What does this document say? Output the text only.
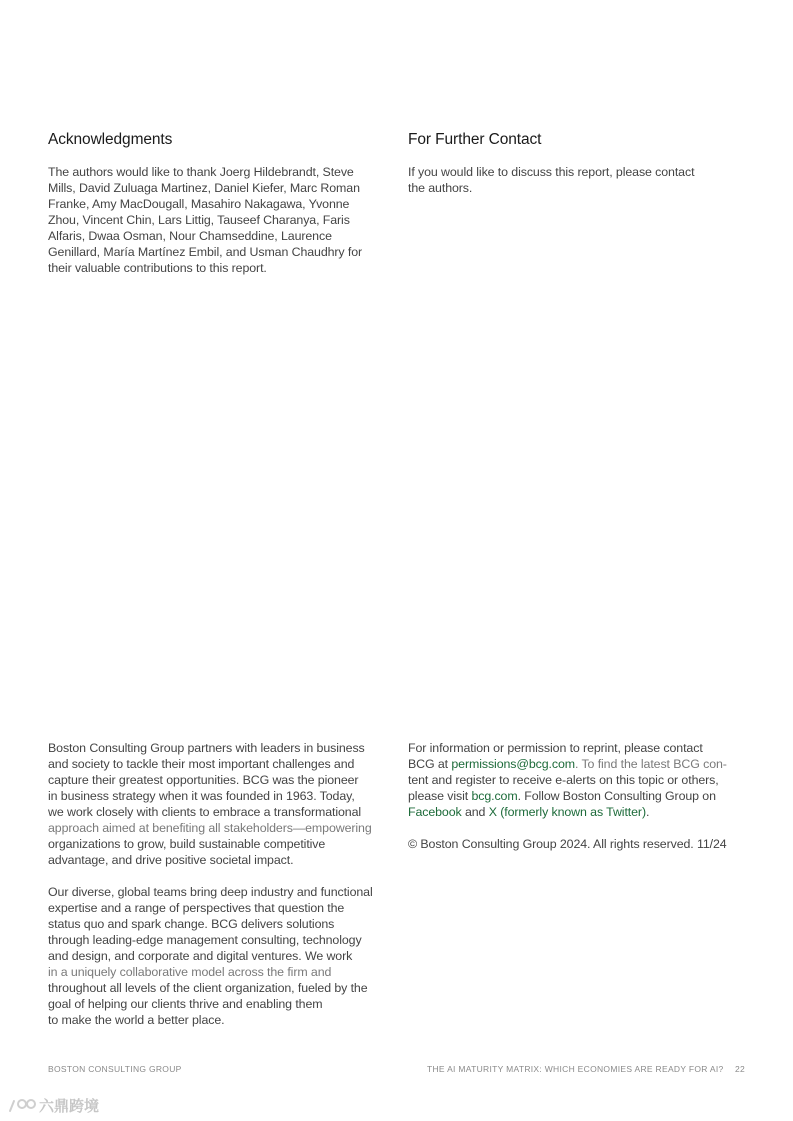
Acknowledgments

The authors would like to thank Joerg Hildebrandt, Steve
Mills, David Zuluaga Martinez, Daniel Kiefer, Marc Roman
Franke, Amy MacDougall, Masahiro Nakagawa, Yvonne
Zhou, Vincent Chin, Lars Littig, Tauseef Charanya, Faris
Alfaris, Dwaa Osman, Nour Chamseddine, Laurence
Genillard, María Martínez Embil, and Usman Chaudhry for
their valuable contributions to this report.

For Further Contact

If you would like to discuss this report, please contact
the authors.

Boston Consulting Group partners with leaders in business
and society to tackle their most important challenges and
capture their greatest opportunities. BCG was the pioneer
in business strategy when it was founded in 1963. Today,
we work closely with clients to embrace a transformational
approach aimed at benefiting all stakeholders—empowering
organizations to grow, build sustainable competitive
advantage, and drive positive societal impact.

Our diverse, global teams bring deep industry and functional
expertise and a range of perspectives that question the
status quo and spark change. BCG delivers solutions
through leading-edge management consulting, technology
and design, and corporate and digital ventures. We work
in a uniquely collaborative model across the firm and
throughout all levels of the client organization, fueled by the
goal of helping our clients thrive and enabling them
to make the world a better place.

For information or permission to reprint, please contact
BCG at permissions@bcg.com. To find the latest BCG con-
tent and register to receive e-alerts on this topic or others,
please visit bcg.com. Follow Boston Consulting Group on
Facebook and X (formerly known as Twitter).

© Boston Consulting Group 2024. All rights reserved. 11/24

BOSTON CONSULTING GROUP	THE AI MATURITY MATRIX: WHICH ECONOMIES ARE READY FOR AI? 22
六鼎跨境
